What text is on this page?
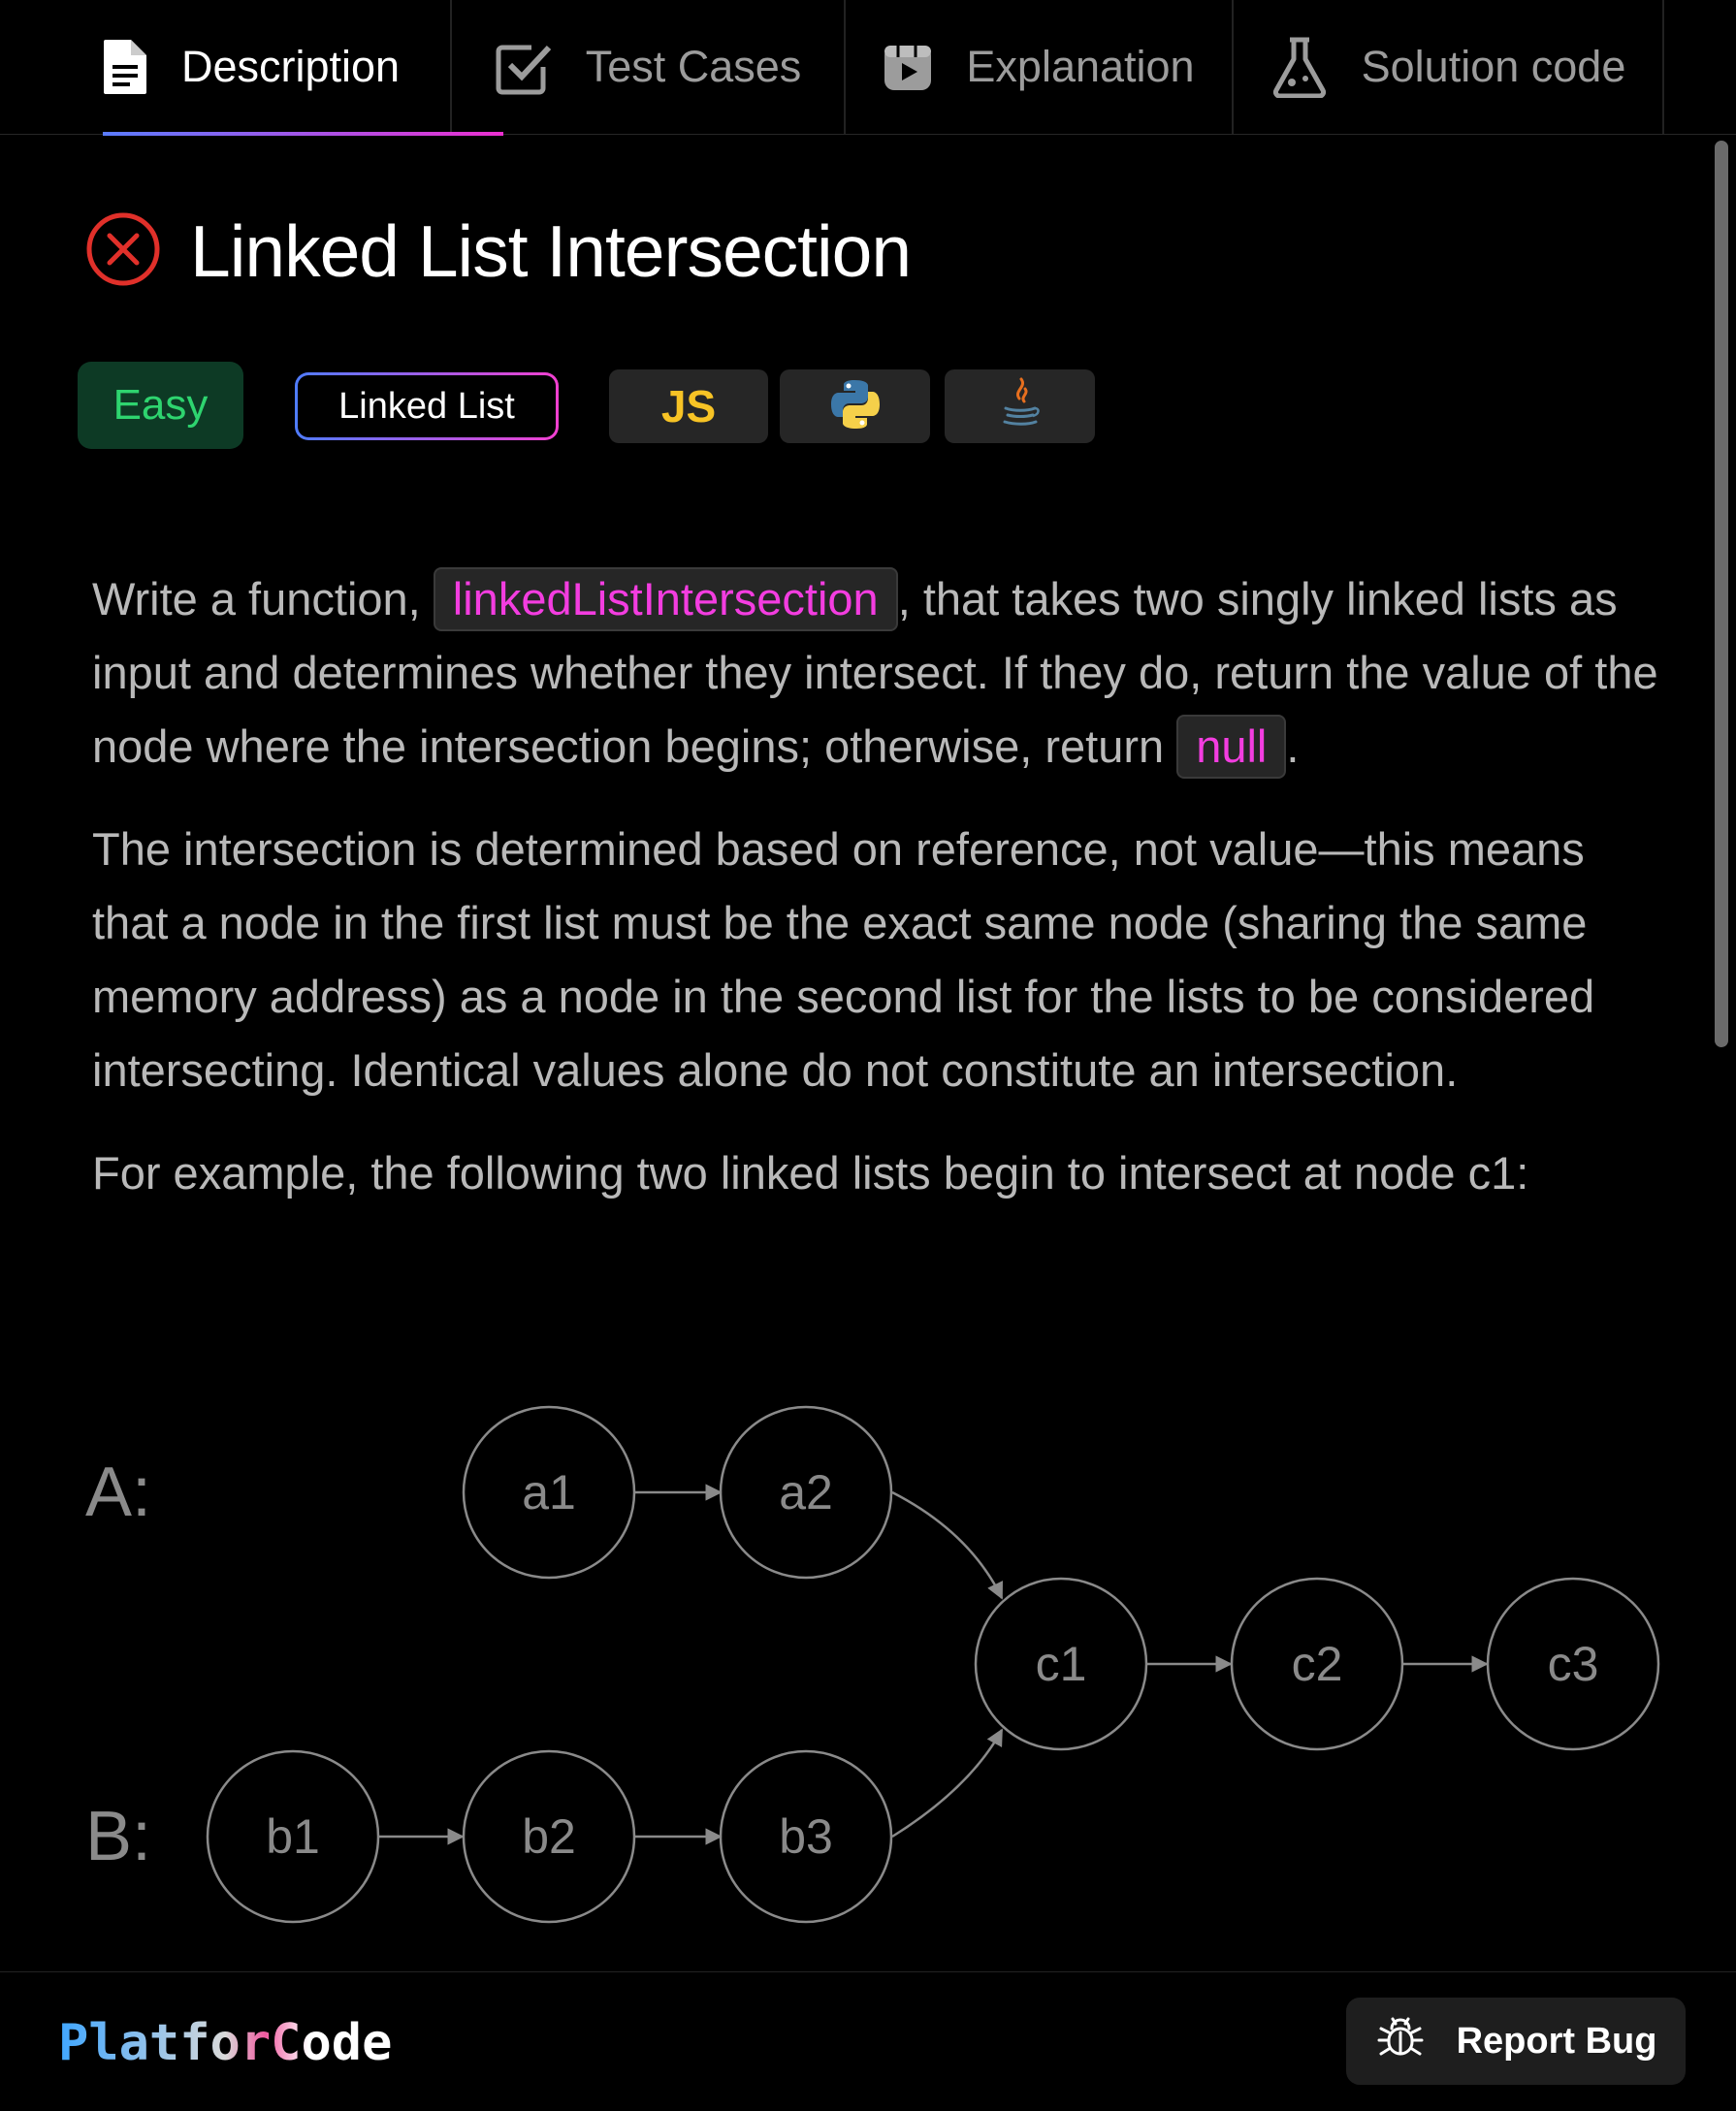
Description	Test Cases	Explanation	Solution code
Linked List Intersection
Easy	Linked List	JS

Write a function, linkedListIntersection , that takes two singly linked lists as input and determines whether they intersect. If they do, return the value of the node where the intersection begins; otherwise, return null .

The intersection is determined based on reference, not value—this means that a node in the first list must be the exact same node (sharing the same memory address) as a node in the second list for the lists to be considered intersecting. Identical values alone do not constitute an intersection.

For example, the following two linked lists begin to intersect at node c1:

A:
B:
a1	a2
c1	c2	c3
b1	b2	b3
PlatforCode	Report Bug
